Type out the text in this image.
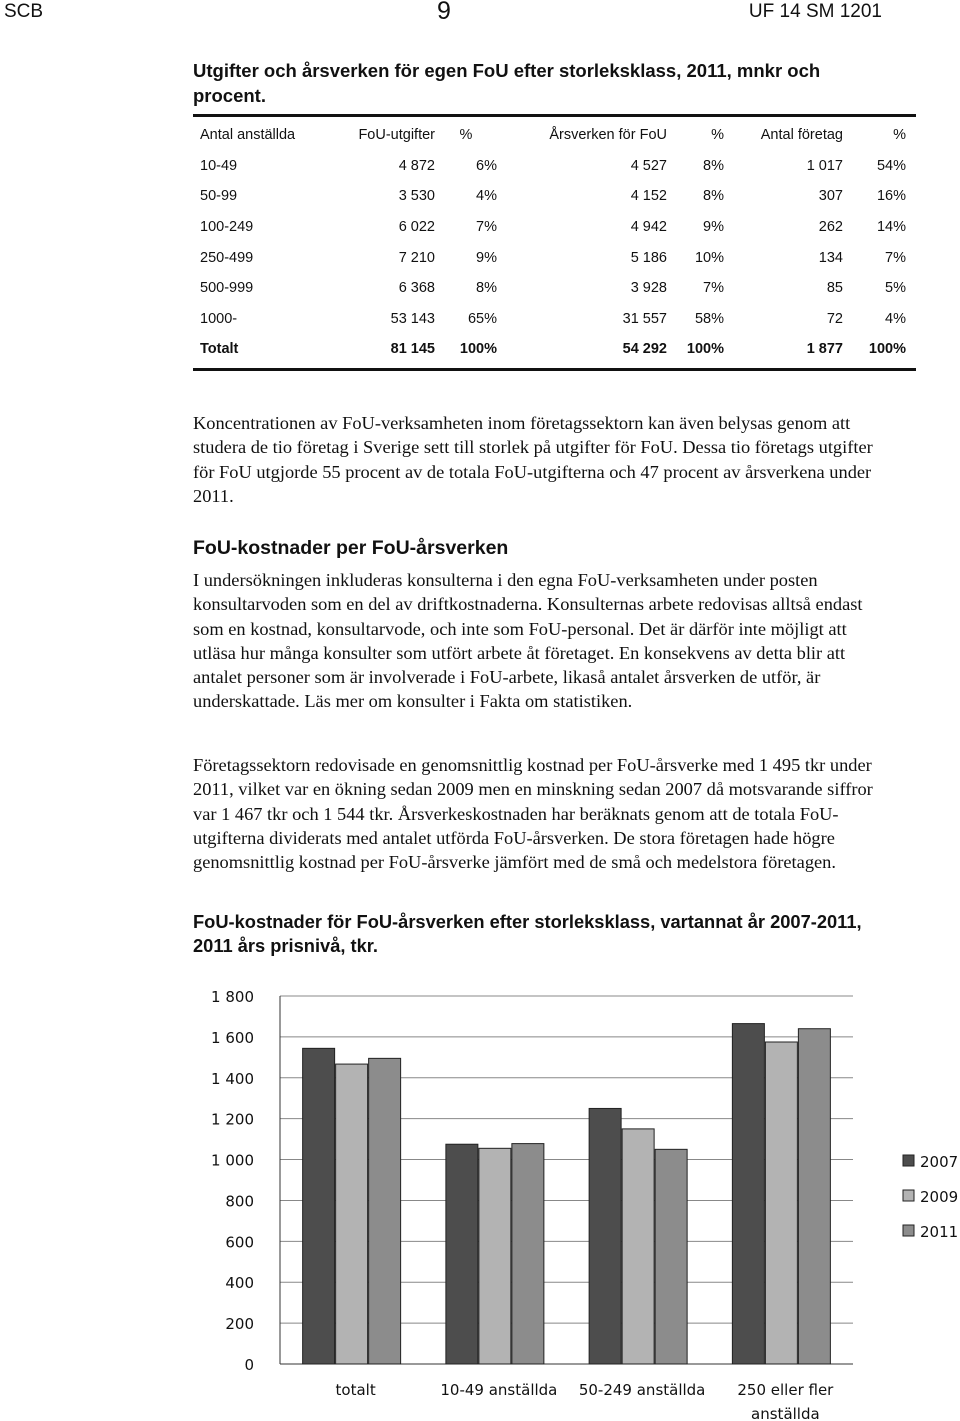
SCB	9	UF 14 SM 1201
Utgifter och årsverken för egen FoU efter storleksklass, 2011, mnkr och procent.
Antal anställda	FoU-utgifter	%	Årsverken för FoU	%	Antal företag	%
10-49	4 872	6%	4 527	8%	1 017	54%
50-99	3 530	4%	4 152	8%	307	16%
100-249	6 022	7%	4 942	9%	262	14%
250-499	7 210	9%	5 186	10%	134	7%
500-999	6 368	8%	3 928	7%	85	5%
1000-	53 143	65%	31 557	58%	72	4%
Totalt	81 145	100%	54 292	100%	1 877	100%

Koncentrationen av FoU-verksamheten inom företagssektorn kan även belysas genom att studera de tio företag i Sverige sett till storlek på utgifter för FoU. Dessa tio företags utgifter för FoU utgjorde 55 procent av de totala FoU-utgifterna och 47 procent av årsverkena under 2011.

FoU-kostnader per FoU-årsverken

I undersökningen inkluderas konsulterna i den egna FoU-verksamheten under posten konsultarvoden som en del av driftkostnaderna. Konsulternas arbete redovisas alltså endast som en kostnad, konsultarvode, och inte som FoU-personal. Det är därför inte möjligt att utläsa hur många konsulter som utfört arbete åt företaget. En konsekvens av detta blir att antalet personer som är involverade i FoU-arbete, likaså antalet årsverken de utför, är underskattade. Läs mer om konsulter i Fakta om statistiken.

Företagssektorn redovisade en genomsnittlig kostnad per FoU-årsverke med 1 495 tkr under 2011, vilket var en ökning sedan 2009 men en minskning sedan 2007 då motsvarande siffror var 1 467 tkr och 1 544 tkr. Årsverkeskostnaden har beräknats genom att de totala FoU-utgifterna dividerats med antalet utförda FoU-årsverken. De stora företagen hade högre genomsnittlig kostnad per FoU-årsverke jämfört med de små och medelstora företagen.

FoU-kostnader för FoU-årsverken efter storleksklass, vartannat år 2007-2011, 2011 års prisnivå, tkr.
0
200
400
600
800
1 000
1 200
1 400
1 600
1 800
totalt	10-49 anställda 50-249 anställda 250 eller fler
anställda
2007
2009
2011
